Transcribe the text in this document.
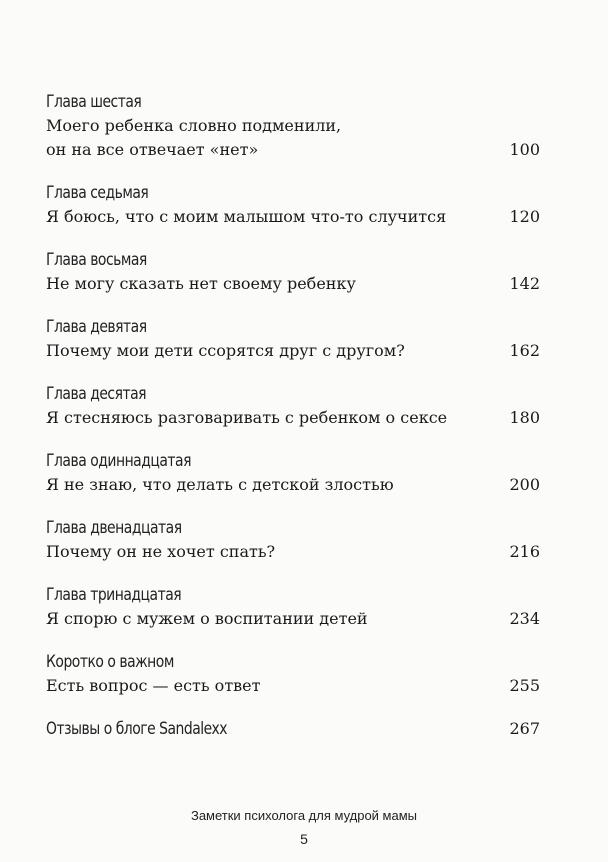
Глава шестая
Моего ребенка словно подменили,
он на все отвечает «нет»	100
Глава седьмая
Я боюсь, что с моим малышом что-то случится	120
Глава восьмая
Не могу сказать нет своему ребенку	142
Глава девятая
Почему мои дети ссорятся друг с другом?	162
Глава десятая
Я стесняюсь разговаривать с ребенком о сексе	180
Глава одиннадцатая
Я не знаю, что делать с детской злостью	200
Глава двенадцатая
Почему он не хочет спать?	216
Глава тринадцатая
Я спорю с мужем о воспитании детей	234
Коротко о важном
Есть вопрос — есть ответ	255
Отзывы о блоге Sandalexx	267
Заметки психолога для мудрой мамы
5
